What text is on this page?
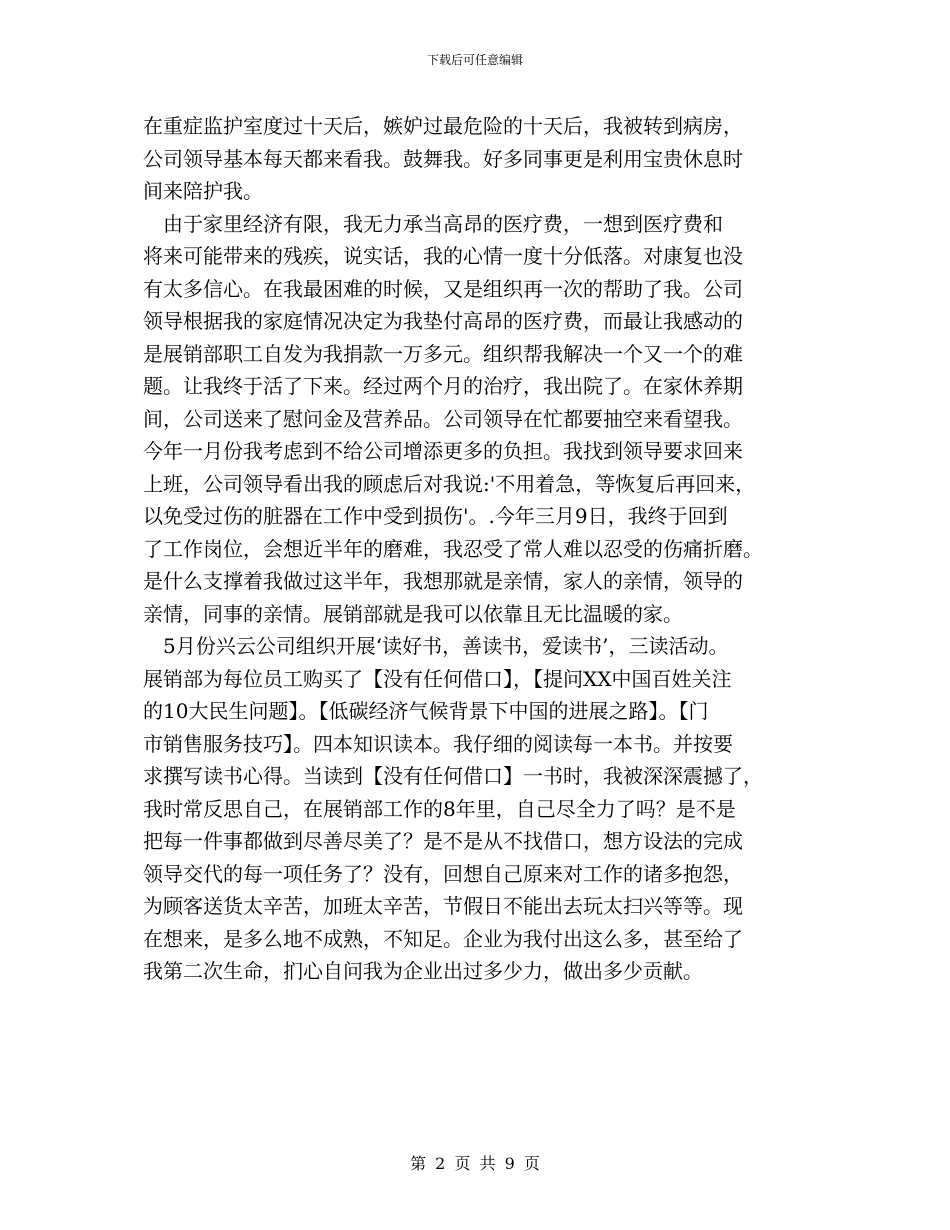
下载后可任意编辑
在重症监护室度过十天后，嫉妒过最危险的十天后，我被转到病房，
公司领导基本每天都来看我。鼓舞我。好多同事更是利用宝贵休息时
间来陪护我。
　由于家里经济有限，我无力承当高昂的医疗费，一想到医疗费和
将来可能带来的残疾，说实话，我的心情一度十分低落。对康复也没
有太多信心。在我最困难的时候，又是组织再一次的帮助了我。公司
领导根据我的家庭情况决定为我垫付高昂的医疗费，而最让我感动的
是展销部职工自发为我捐款一万多元。组织帮我解决一个又一个的难
题。让我终于活了下来。经过两个月的治疗，我出院了。在家休养期
间，公司送来了慰问金及营养品。公司领导在忙都要抽空来看望我。
今年一月份我考虑到不给公司增添更多的负担。我找到领导要求回来
上班，公司领导看出我的顾虑后对我说:'不用着急，等恢复后再回来，
以免受过伤的脏器在工作中受到损伤'。.今年三月9日，我终于回到
了工作岗位，会想近半年的磨难，我忍受了常人难以忍受的伤痛折磨。
是什么支撑着我做过这半年，我想那就是亲情，家人的亲情，领导的
亲情，同事的亲情。展销部就是我可以依靠且无比温暖的家。
　5月份兴云公司组织开展‘读好书，善读书，爱读书’，三读活动。
展销部为每位员工购买了【没有任何借口】，【提问XX中国百姓关注
的10大民生问题】。【低碳经济气候背景下中国的进展之路】。【门
市销售服务技巧】。四本知识读本。我仔细的阅读每一本书。并按要
求撰写读书心得。当读到【没有任何借口】一书时，我被深深震撼了，
我时常反思自己，在展销部工作的8年里，自己尽全力了吗？是不是
把每一件事都做到尽善尽美了？是不是从不找借口，想方设法的完成
领导交代的每一项任务了？没有，回想自己原来对工作的诸多抱怨，
为顾客送货太辛苦，加班太辛苦，节假日不能出去玩太扫兴等等。现
在想来，是多么地不成熟，不知足。企业为我付出这么多，甚至给了
我第二次生命，扪心自问我为企业出过多少力，做出多少贡献。
第 2 页 共 9 页
